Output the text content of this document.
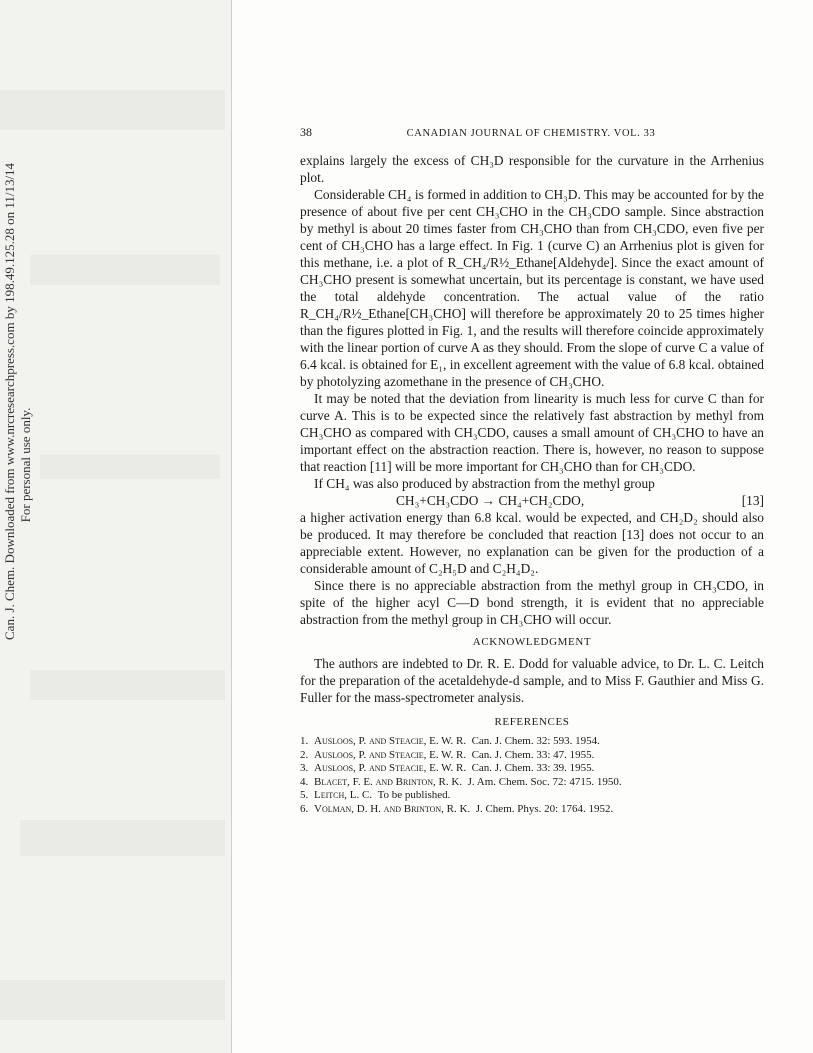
Can. J. Chem. Downloaded from www.nrcresearchpress.com by 198.49.125.28 on 11/13/14 For personal use only.
38	CANADIAN JOURNAL OF CHEMISTRY. VOL. 33

explains largely the excess of CH₃D responsible for the curvature in the Arrhenius plot.

Considerable CH₄ is formed in addition to CH₃D. This may be accounted for by the presence of about five per cent CH₃CHO in the CH₃CDO sample. Since abstraction by methyl is about 20 times faster from CH₃CHO than from CH₃CDO, even five per cent of CH₃CHO has a large effect. In Fig. 1 (curve C) an Arrhenius plot is given for this methane, i.e. a plot of R_CH₄/R½_Ethane[Aldehyde]. Since the exact amount of CH₃CHO present is somewhat uncertain, but its percentage is constant, we have used the total aldehyde concentration. The actual value of the ratio R_CH₄/R½_Ethane[CH₃CHO] will therefore be approximately 20 to 25 times higher than the figures plotted in Fig. 1, and the results will therefore coincide approximately with the linear portion of curve A as they should. From the slope of curve C a value of 6.4 kcal. is obtained for E₁, in excellent agreement with the value of 6.8 kcal. obtained by photolyzing azomethane in the presence of CH₃CHO.

It may be noted that the deviation from linearity is much less for curve C than for curve A. This is to be expected since the relatively fast abstraction by methyl from CH₃CHO as compared with CH₃CDO, causes a small amount of CH₃CHO to have an important effect on the abstraction reaction. There is, however, no reason to suppose that reaction [11] will be more important for CH₃CHO than for CH₃CDO.

If CH₄ was also produced by abstraction from the methyl group

CH₃+CH₃CDO → CH₄+CH₂CDO,	[13]

a higher activation energy than 6.8 kcal. would be expected, and CH₂D₂ should also be produced. It may therefore be concluded that reaction [13] does not occur to an appreciable extent. However, no explanation can be given for the production of a considerable amount of C₂H₅D and C₂H₄D₂.

Since there is no appreciable abstraction from the methyl group in CH₃CDO, in spite of the higher acyl C—D bond strength, it is evident that no appreciable abstraction from the methyl group in CH₃CHO will occur.

ACKNOWLEDGMENT

The authors are indebted to Dr. R. E. Dodd for valuable advice, to Dr. L. C. Leitch for the preparation of the acetaldehyde-d sample, and to Miss F. Gauthier and Miss G. Fuller for the mass-spectrometer analysis.

REFERENCES
1. Ausloos, P. and Steacie, E. W. R.
Can. J. Chem. 32: 593. 1954.
2. Ausloos, P. and Steacie, E. W. R.
Can. J. Chem. 33: 47. 1955.
3. Ausloos, P. and Steacie, E. W. R.
Can. J. Chem. 33: 39. 1955.
4. Blacet, F. E. and Brinton, R. K.
J. Am. Chem. Soc. 72: 4715. 1950.
5. Leitch, L. C.
To be published.
6. Volman, D. H. and Brinton, R. K.
J. Chem. Phys. 20: 1764. 1952.
